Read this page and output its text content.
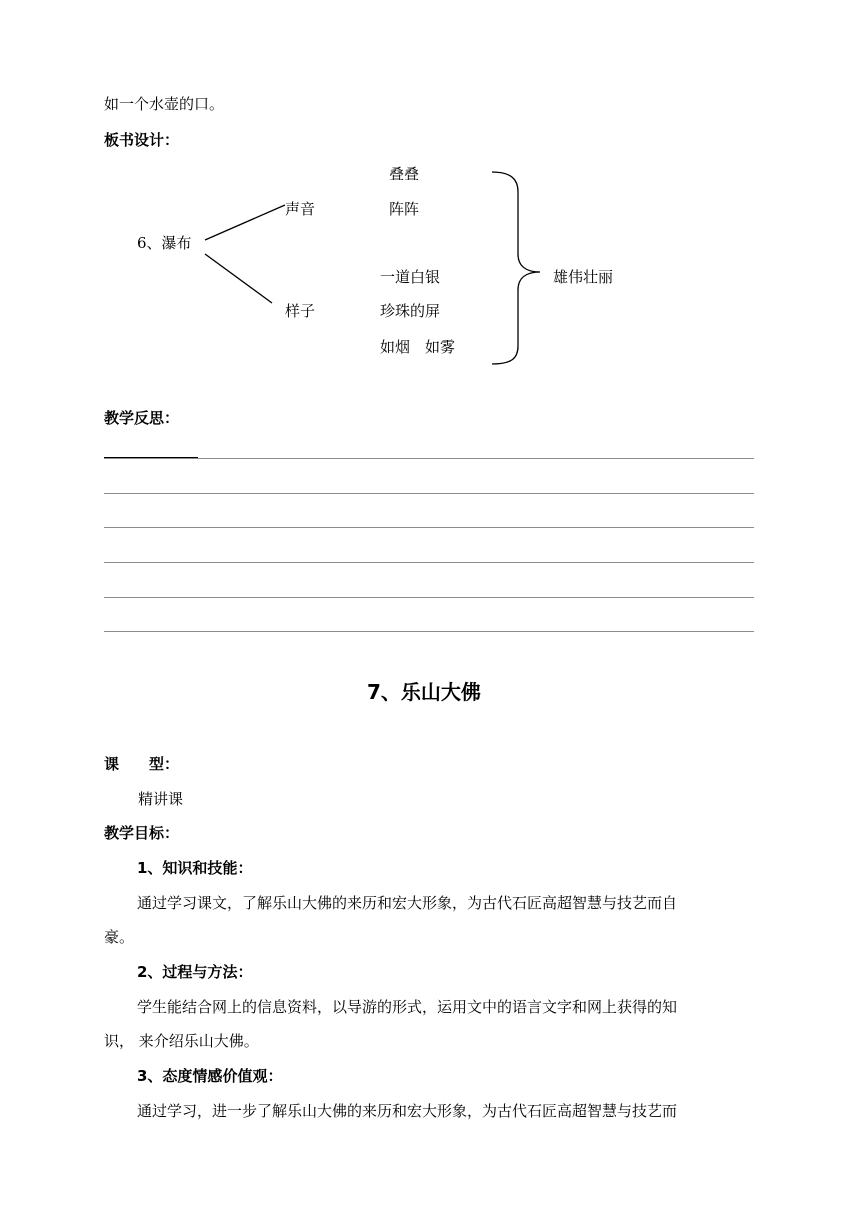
如一个水壶的口。
板书设计：
6、瀑布
声音
样子
叠叠
阵阵
一道白银
珍珠的屏
如烟　如雾
雄伟壮丽
教学反思：
7、乐山大佛
课　　型：
精讲课
教学目标：
1、知识和技能：
通过学习课文，了解乐山大佛的来历和宏大形象，为古代石匠高超智慧与技艺而自
豪。
2、过程与方法：
学生能结合网上的信息资料，以导游的形式，运用文中的语言文字和网上获得的知
识， 来介绍乐山大佛。
3、态度情感价值观：
通过学习，进一步了解乐山大佛的来历和宏大形象，为古代石匠高超智慧与技艺而
